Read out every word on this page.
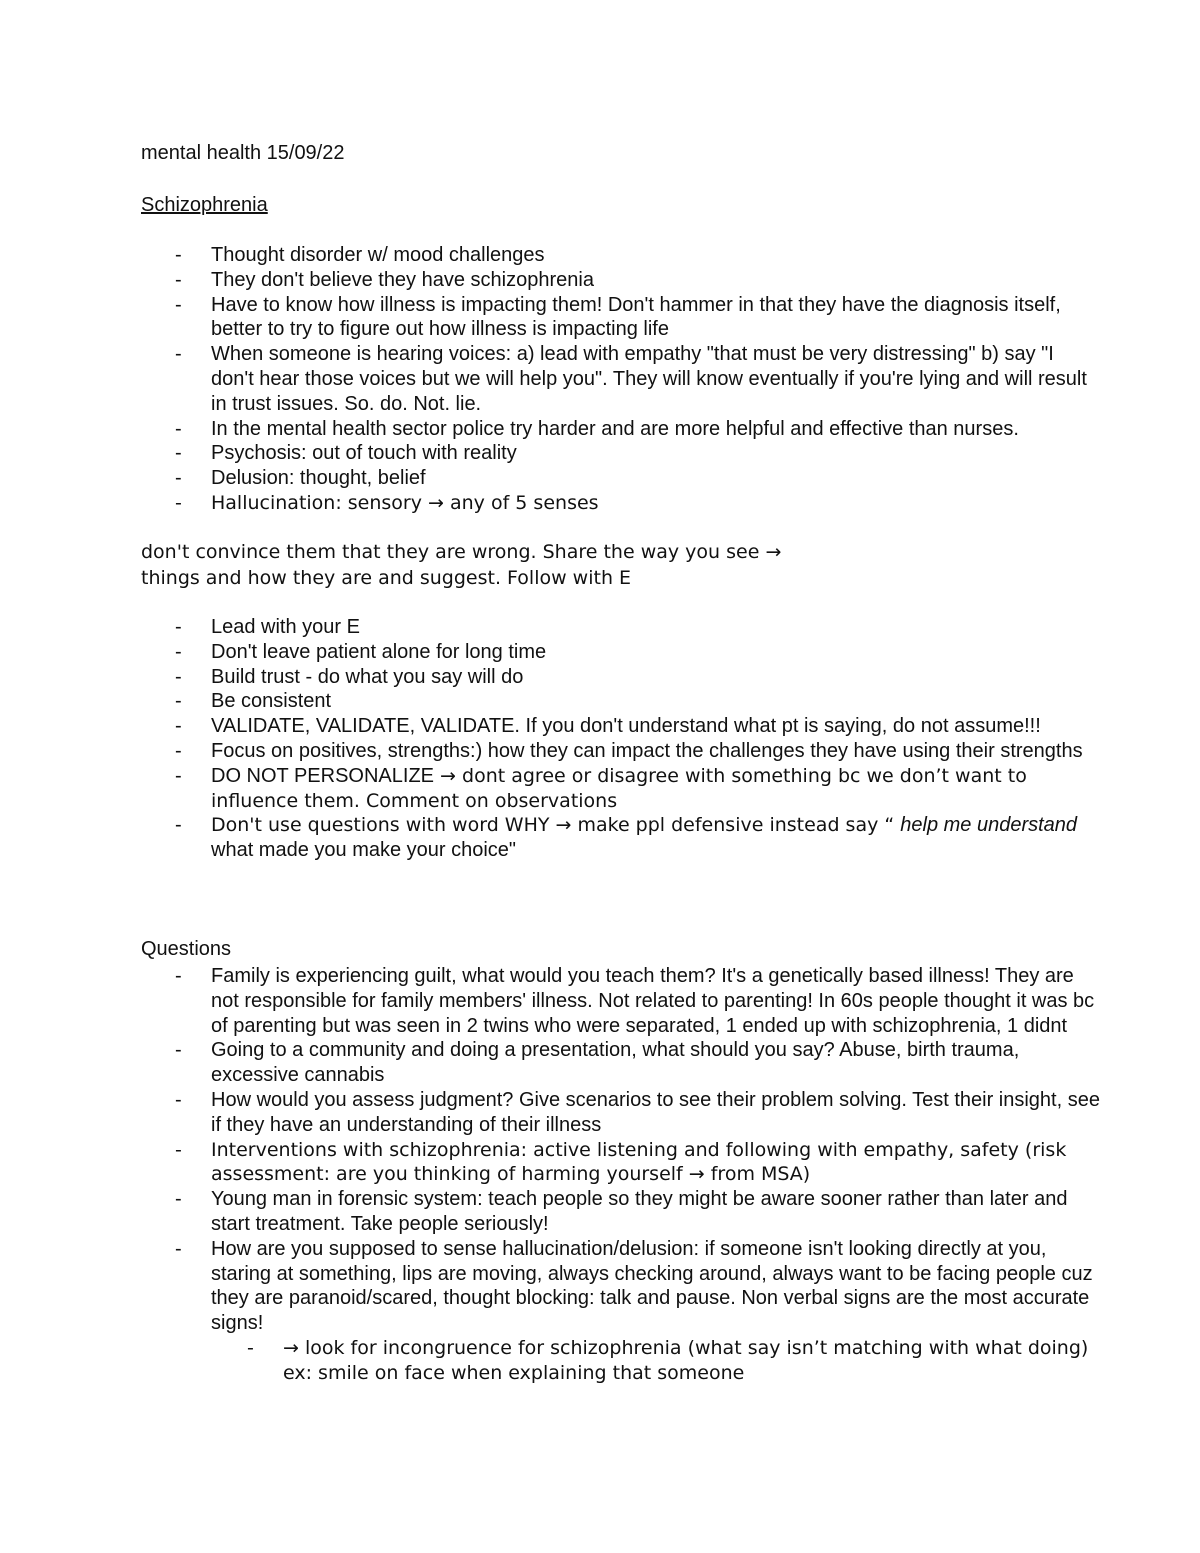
mental health 15/09/22
Schizophrenia
- Thought disorder w/ mood challenges
- They don't believe they have schizophrenia
- Have to know how illness is impacting them! Don't hammer in that they have the diagnosis itself, better to try to figure out how illness is impacting life
- When someone is hearing voices: a) lead with empathy "that must be very distressing" b) say "I don't hear those voices but we will help you". They will know eventually if you're lying and will result in trust issues. So. do. Not. lie.
- In the mental health sector police try harder and are more helpful and effective than nurses.
- Psychosis: out of touch with reality
- Delusion: thought, belief
- Hallucination: sensory → any of 5 senses
don't convince them that they are wrong. Share the way you see →
things and how they are and suggest. Follow with E
- Lead with your E
- Don't leave patient alone for long time
- Build trust - do what you say will do
- Be consistent
- VALIDATE, VALIDATE, VALIDATE. If you don't understand what pt is saying, do not assume!!!
- Focus on positives, strengths:) how they can impact the challenges they have using their strengths
- DO NOT PERSONALIZE → dont agree or disagree with something bc we don’t want to influence them. Comment on observations
- Don't use questions with word WHY → make ppl defensive instead say “ help me understand what made you make your choice"
Questions
- Family is experiencing guilt, what would you teach them? It's a genetically based illness! They are not responsible for family members' illness. Not related to parenting! In 60s people thought it was bc of parenting but was seen in 2 twins who were separated, 1 ended up with schizophrenia, 1 didnt
- Going to a community and doing a presentation, what should you say? Abuse, birth trauma, excessive cannabis
- How would you assess judgment? Give scenarios to see their problem solving. Test their insight, see if they have an understanding of their illness
- Interventions with schizophrenia: active listening and following with empathy, safety (risk assessment: are you thinking of harming yourself → from MSA)
- Young man in forensic system: teach people so they might be aware sooner rather than later and start treatment. Take people seriously!
- How are you supposed to sense hallucination/delusion: if someone isn't looking directly at you, staring at something, lips are moving, always checking around, always want to be facing people cuz they are paranoid/scared, thought blocking: talk and pause. Non verbal signs are the most accurate signs!
- → look for incongruence for schizophrenia (what say isn’t matching with what doing) ex: smile on face when explaining that someone
